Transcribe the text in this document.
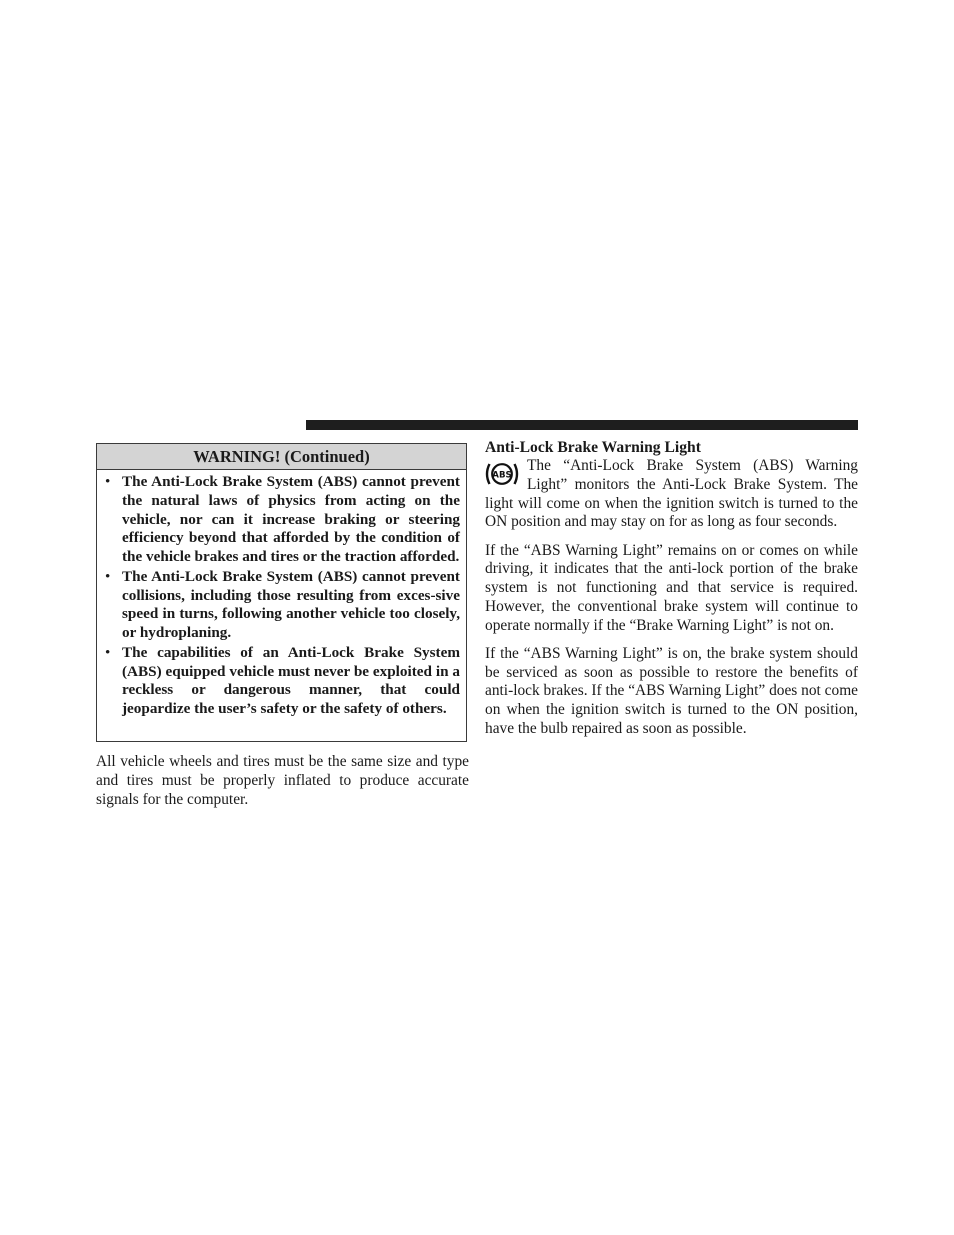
WARNING! (Continued)
• The Anti-Lock Brake System (ABS) cannot prevent the natural laws of physics from acting on the vehicle, nor can it increase braking or steering efficiency beyond that afforded by the condition of the vehicle brakes and tires or the traction afforded.
• The Anti-Lock Brake System (ABS) cannot prevent collisions, including those resulting from exces-sive speed in turns, following another vehicle too closely, or hydroplaning.
• The capabilities of an Anti-Lock Brake System (ABS) equipped vehicle must never be exploited in a reckless or dangerous manner, that could jeopardize the user’s safety or the safety of others.

All vehicle wheels and tires must be the same size and type and tires must be properly inflated to produce accurate signals for the computer.

Anti-Lock Brake Warning Light

ABS
The “Anti-Lock Brake System (ABS) Warning Light” monitors the Anti-Lock Brake System. The light will come on when the ignition switch is turned to the ON position and may stay on for as long as four seconds.

If the “ABS Warning Light” remains on or comes on while driving, it indicates that the anti-lock portion of the brake system is not functioning and that service is required. However, the conventional brake system will continue to operate normally if the “Brake Warning Light” is not on.

If the “ABS Warning Light” is on, the brake system should be serviced as soon as possible to restore the benefits of anti-lock brakes. If the “ABS Warning Light” does not come on when the ignition switch is turned to the ON position, have the bulb repaired as soon as possible.
